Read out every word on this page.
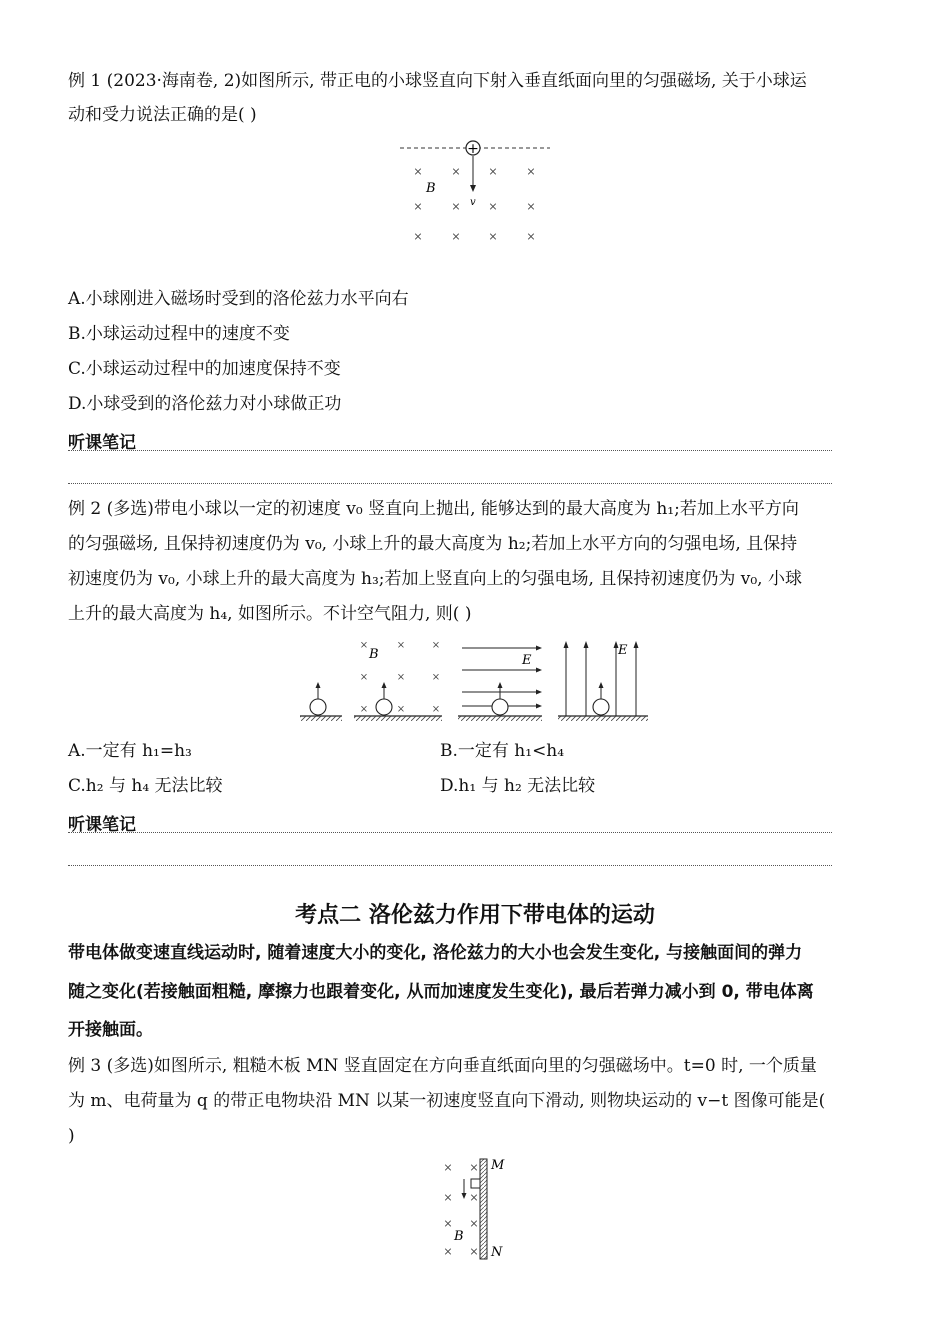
例 1 (2023·海南卷, 2)如图所示, 带正电的小球竖直向下射入垂直纸面向里的匀强磁场, 关于小球运
动和受力说法正确的是( )
+
v
B
×	×	×	×
×	×	×	×
×	×	×	×
A.小球刚进入磁场时受到的洛伦兹力水平向右
B.小球运动过程中的速度不变
C.小球运动过程中的加速度保持不变
D.小球受到的洛伦兹力对小球做正功
听课笔记
例 2 (多选)带电小球以一定的初速度 v₀ 竖直向上抛出, 能够达到的最大高度为 h₁;若加上水平方向
的匀强磁场, 且保持初速度仍为 v₀, 小球上升的最大高度为 h₂;若加上水平方向的匀强电场, 且保持
初速度仍为 v₀, 小球上升的最大高度为 h₃;若加上竖直向上的匀强电场, 且保持初速度仍为 v₀, 小球
上升的最大高度为 h₄, 如图所示。不计空气阻力, 则( )
×	×	×
×	×	×
×	×	×
B	E
E
A.一定有 h₁=h₃	B.一定有 h₁<h₄
C.h₂ 与 h₄ 无法比较	D.h₁ 与 h₂ 无法比较
听课笔记
考点二 洛伦兹力作用下带电体的运动
带电体做变速直线运动时, 随着速度大小的变化, 洛伦兹力的大小也会发生变化, 与接触面间的弹力
随之变化(若接触面粗糙, 摩擦力也跟着变化, 从而加速度发生变化), 最后若弹力减小到 0, 带电体离
开接触面。
例 3 (多选)如图所示, 粗糙木板 MN 竖直固定在方向垂直纸面向里的匀强磁场中。t=0 时, 一个质量
为 m、电荷量为 q 的带正电物块沿 MN 以某一初速度竖直向下滑动, 则物块运动的 v−t 图像可能是(
)
M
N
× ×
× ×
× ×
× ×
B
